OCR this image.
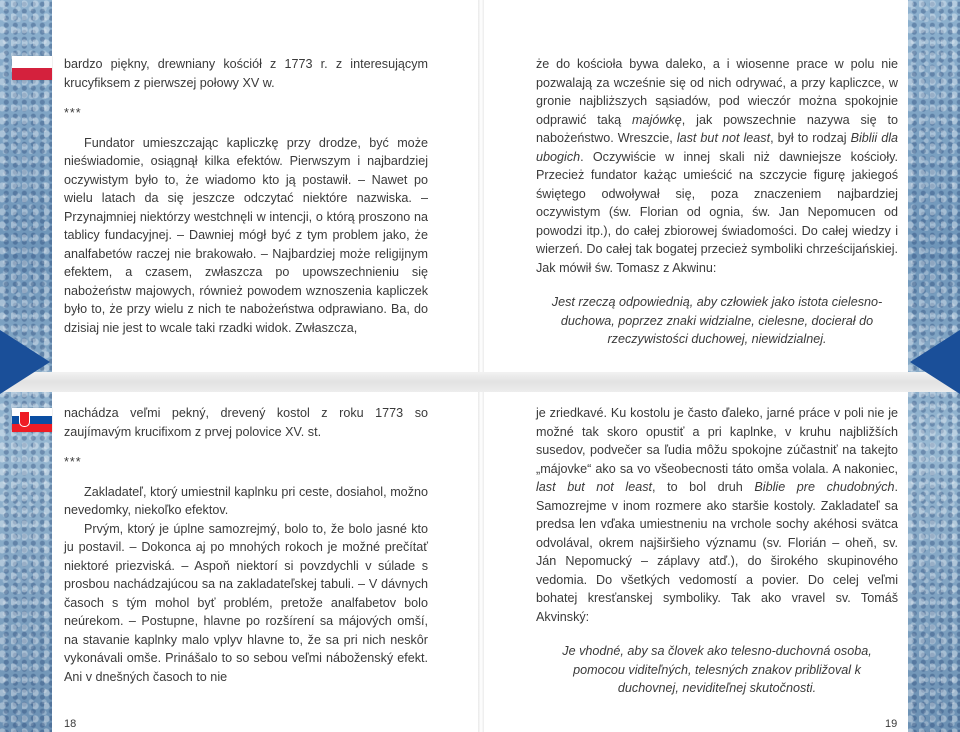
bardzo piękny, drewniany kościół z 1773 r. z interesującym krucyfiksem z pierwszej połowy XV w.

***

Fundator umieszczając kapliczkę przy drodze, być może nieświadomie, osiągnął kilka efektów. Pierwszym i najbardziej oczywistym było to, że wiadomo kto ją postawił. – Nawet po wielu latach da się jeszcze odczytać niektóre nazwiska. – Przynajmniej niektórzy westchnęli w intencji, o którą proszono na tablicy fundacyjnej. – Dawniej mógł być z tym problem jako, że analfabetów raczej nie brakowało. – Najbardziej może religijnym efektem, a czasem, zwłaszcza po upowszechnieniu się nabożeństw majowych, również powodem wznoszenia kapliczek było to, że przy wielu z nich te nabożeństwa odprawiano. Ba, do dzisiaj nie jest to wcale taki rzadki widok. Zwłaszcza,

że do kościoła bywa daleko, a i wiosenne prace w polu nie pozwalają za wcześnie się od nich odrywać, a przy kapliczce, w gronie najbliższych sąsiadów, pod wieczór można spokojnie odprawić taką majówkę, jak powszechnie nazywa się to nabożeństwo. Wreszcie, last but not least, był to rodzaj Biblii dla ubogich. Oczywiście w innej skali niż dawniejsze kościoły. Przecież fundator każąc umieścić na szczycie figurę jakiegoś świętego odwoływał się, poza znaczeniem najbardziej oczywistym (św. Florian od ognia, św. Jan Nepomucen od powodzi itp.), do całej zbiorowej świadomości. Do całej wiedzy i wierzeń. Do całej tak bogatej przecież symboliki chrześcijańskiej. Jak mówił św. Tomasz z Akwinu:

Jest rzeczą odpowiednią, aby człowiek jako istota cielesno-duchowa, poprzez znaki widzialne, cielesne, docierał do rzeczywistości duchowej, niewidzialnej.

nachádza veľmi pekný, drevený kostol z roku 1773 so zaujímavým krucifixom z prvej polovice XV. st.

***

Zakladateľ, ktorý umiestnil kaplnku pri ceste, dosiahol, možno nevedomky, niekoľko efektov.

Prvým, ktorý je úplne samozrejmý, bolo to, že bolo jasné kto ju postavil. – Dokonca aj po mnohých rokoch je možné prečítať niektoré priezviská. – Aspoň niektorí si povzdychli v súlade s prosbou nachádzajúcou sa na zakladateľskej tabuli. – V dávnych časoch s tým mohol byť problém, pretože analfabetov bolo neúrekom. – Postupne, hlavne po rozšírení sa májových omší, na stavanie kaplnky malo vplyv hlavne to, že sa pri nich neskôr vykonávali omše. Prinášalo to so sebou veľmi náboženský efekt. Ani v dnešných časoch to nie

je zriedkavé. Ku kostolu je často ďaleko, jarné práce v poli nie je možné tak skoro opustiť a pri kaplnke, v kruhu najbližších susedov, podvečer sa ľudia môžu spokojne zúčastniť na takejto „májovke“ ako sa vo všeobecnosti táto omša volala. A nakoniec, last but not least, to bol druh Biblie pre chudobných. Samozrejme v inom rozmere ako staršie kostoly. Zakladateľ sa predsa len vďaka umiestneniu na vrchole sochy akéhosi svätca odvolával, okrem najširšieho významu (sv. Florián – oheň, sv. Ján Nepomucký – záplavy atď.), do širokého skupinového vedomia. Do všetkých vedomostí a povier. Do celej veľmi bohatej kresťanskej symboliky. Tak ako vravel sv. Tomáš Akvinský:

Je vhodné, aby sa človek ako telesno-duchovná osoba, pomocou viditeľných, telesných znakov približoval k duchovnej, neviditeľnej skutočnosti.

18	19
